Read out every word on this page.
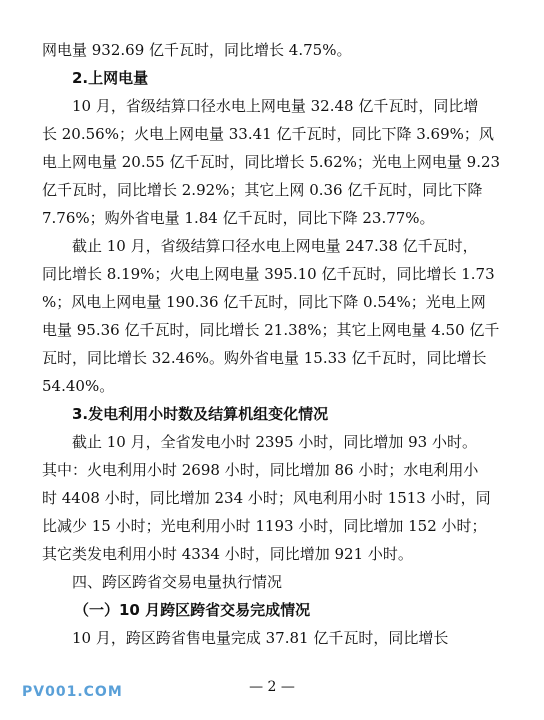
网电量 932.69 亿千瓦时，同比增长 4.75%。
2.上网电量
10 月，省级结算口径水电上网电量 32.48 亿千瓦时，同比增
长 20.56%；火电上网电量 33.41 亿千瓦时，同比下降 3.69%；风
电上网电量 20.55 亿千瓦时，同比增长 5.62%；光电上网电量 9.23
亿千瓦时，同比增长 2.92%；其它上网 0.36 亿千瓦时，同比下降
7.76%；购外省电量 1.84 亿千瓦时，同比下降 23.77%。
截止 10 月，省级结算口径水电上网电量 247.38 亿千瓦时，
同比增长 8.19%；火电上网电量 395.10 亿千瓦时，同比增长 1.73
%；风电上网电量 190.36 亿千瓦时，同比下降 0.54%；光电上网
电量 95.36 亿千瓦时，同比增长 21.38%；其它上网电量 4.50 亿千
瓦时，同比增长 32.46%。购外省电量 15.33 亿千瓦时，同比增长
54.40%。
3.发电利用小时数及结算机组变化情况
截止 10 月，全省发电小时 2395 小时，同比增加 93 小时。
其中：火电利用小时 2698 小时，同比增加 86 小时；水电利用小
时 4408 小时，同比增加 234 小时；风电利用小时 1513 小时，同
比减少 15 小时；光电利用小时 1193 小时，同比增加 152 小时；
其它类发电利用小时 4334 小时，同比增加 921 小时。
四、跨区跨省交易电量执行情况
（一）10 月跨区跨省交易完成情况
10 月，跨区跨省售电量完成 37.81 亿千瓦时，同比增长
PV001.COM	— 2 —
